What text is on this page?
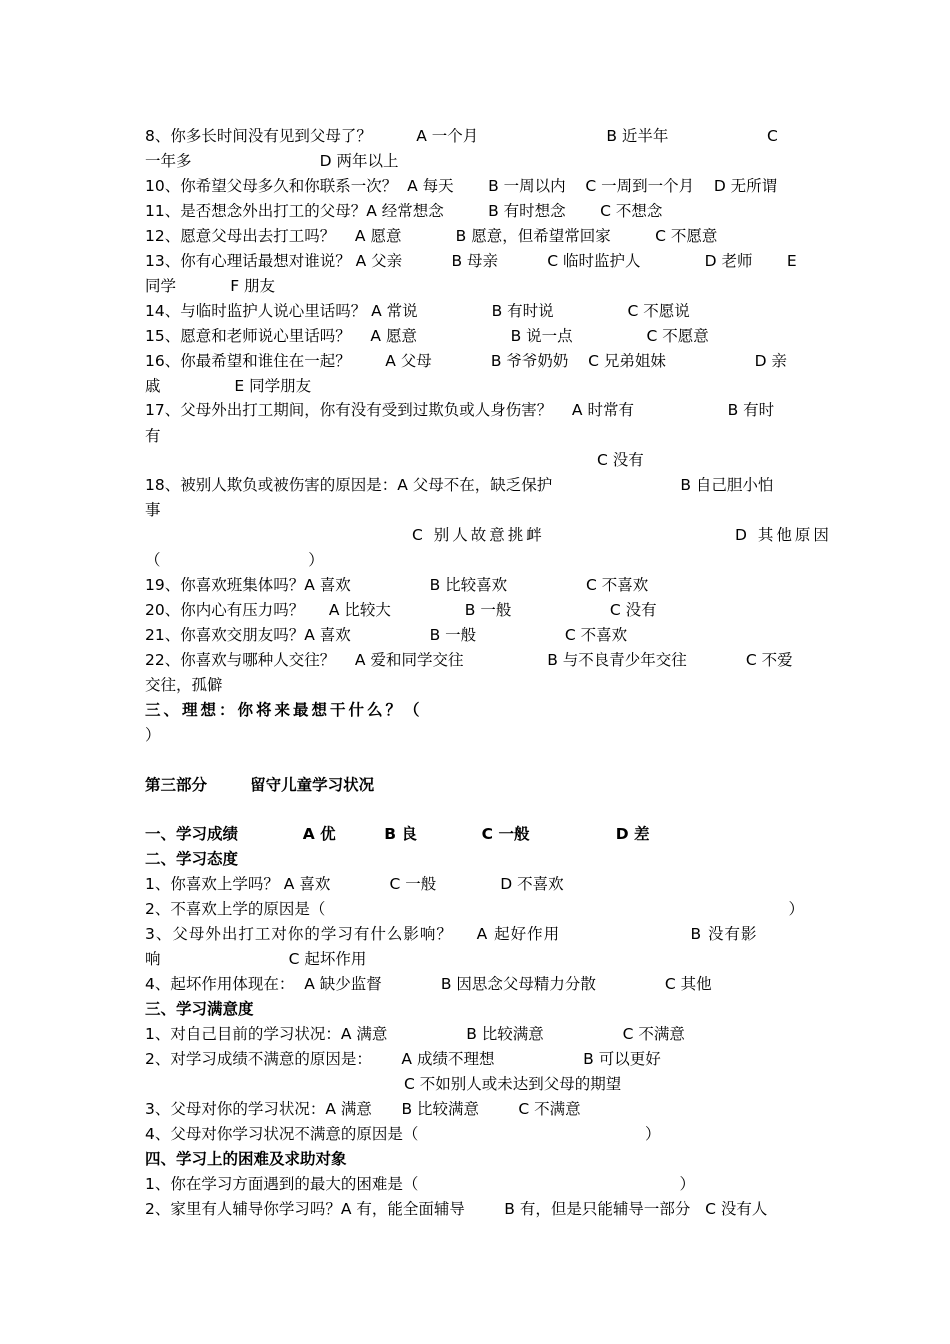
8、你多长时间没有见到父母了？         A 一个月                          B 近半年                    C
一年多                          D 两年以上
10、你希望父母多久和你联系一次？  A 每天       B 一周以内    C 一周到一个月    D 无所谓
11、是否想念外出打工的父母？A 经常想念         B 有时想念       C 不想念
12、愿意父母出去打工吗？    A 愿意           B 愿意，但希望常回家         C 不愿意
13、你有心理话最想对谁说？ A 父亲          B 母亲          C 临时监护人             D 老师       E
同学           F 朋友
14、与临时监护人说心里话吗？ A 常说               B 有时说               C 不愿说
15、愿意和老师说心里话吗？    A 愿意                   B 说一点               C 不愿意
16、你最希望和谁住在一起？       A 父母            B 爷爷奶奶    C 兄弟姐妹                  D 亲
戚               E 同学朋友
17、父母外出打工期间，你有没有受到过欺负或人身伤害？    A 时常有                   B 有时
有
C 没有
18、被别人欺负或被伤害的原因是：A 父母不在，缺乏保护                          B 自己胆小怕
事
C 别人故意挑衅                        D 其他原因
（                              ）
19、你喜欢班集体吗？A 喜欢                B 比较喜欢                C 不喜欢
20、你内心有压力吗？     A 比较大               B 一般                    C 没有
21、你喜欢交朋友吗？A 喜欢                B 一般                  C 不喜欢
22、你喜欢与哪种人交往？    A 爱和同学交往                 B 与不良青少年交往            C 不爱
交往，孤僻
三、理想：你将来最想干什么？（
）
第三部分        留守儿童学习状况
一、学习成绩            A 优         B 良            C 一般                D 差
二、学习态度
1、你喜欢上学吗？ A 喜欢            C 一般             D 不喜欢
2、不喜欢上学的原因是（                                                                                              ）
3、父母外出打工对你的学习有什么影响？    A 起好作用                      B 没有影
响                          C 起坏作用
4、起坏作用体现在：  A 缺少监督            B 因思念父母精力分散              C 其他
三、学习满意度
1、对自己目前的学习状况：A 满意                B 比较满意                C 不满意
2、对学习成绩不满意的原因是：      A 成绩不理想                  B 可以更好
C 不如别人或未达到父母的期望
3、父母对你的学习状况：A 满意      B 比较满意        C 不满意
4、父母对你学习状况不满意的原因是（                                              ）
四、学习上的困难及求助对象
1、你在学习方面遇到的最大的困难是（                                                     ）
2、家里有人辅导你学习吗？A 有，能全面辅导        B 有，但是只能辅导一部分   C 没有人
